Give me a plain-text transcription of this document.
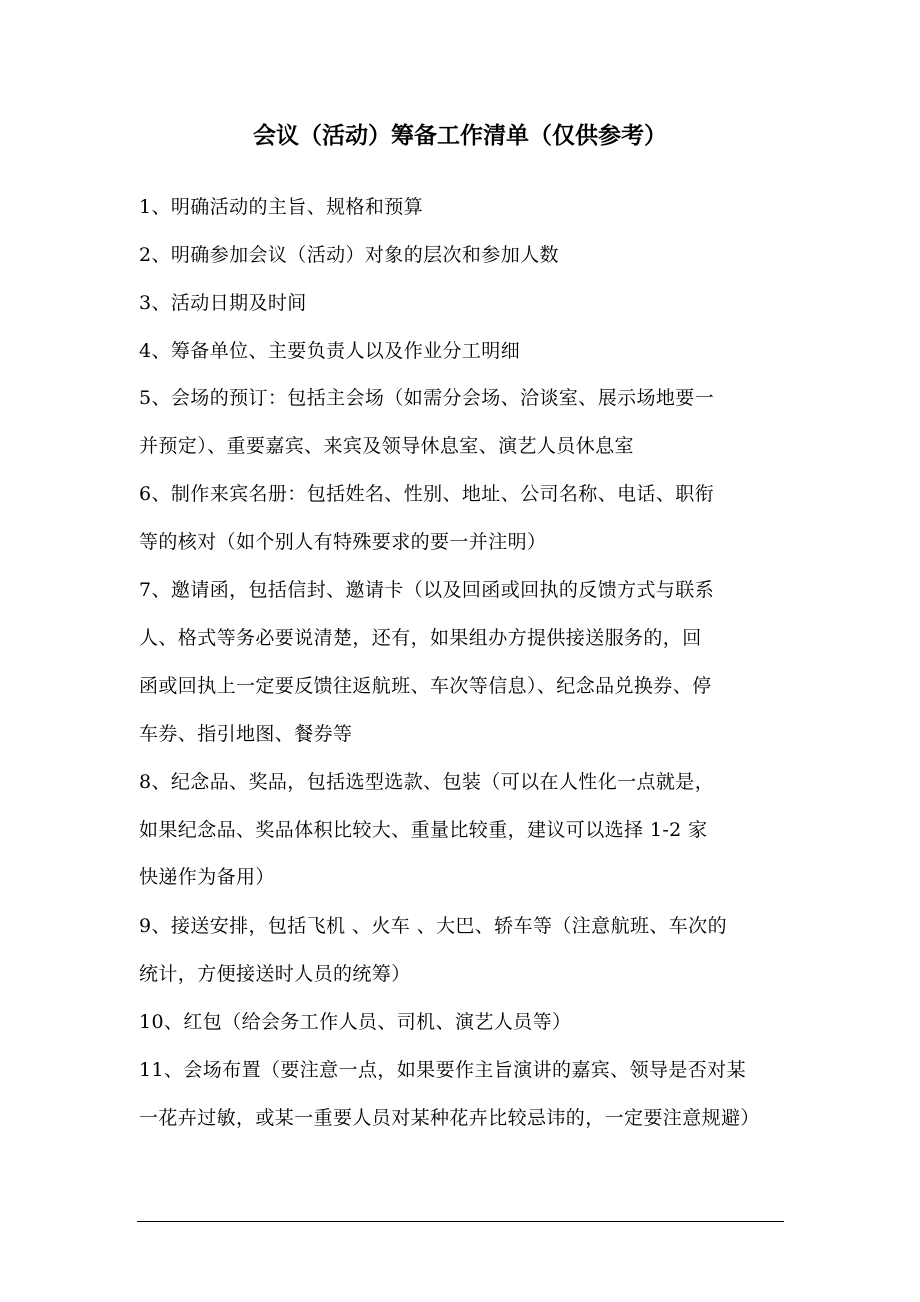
会议（活动）筹备工作清单（仅供参考）
1、明确活动的主旨、规格和预算
2、明确参加会议（活动）对象的层次和参加人数
3、活动日期及时间
4、筹备单位、主要负责人以及作业分工明细
5、会场的预订：包括主会场（如需分会场、洽谈室、展示场地要一
并预定）、重要嘉宾、来宾及领导休息室、演艺人员休息室
6、制作来宾名册：包括姓名、性别、地址、公司名称、电话、职衔
等的核对（如个别人有特殊要求的要一并注明）
7、邀请函，包括信封、邀请卡（以及回函或回执的反馈方式与联系
人、格式等务必要说清楚，还有，如果组办方提供接送服务的，回
函或回执上一定要反馈往返航班、车次等信息）、纪念品兑换券、停
车券、指引地图、餐券等
8、纪念品、奖品，包括选型选款、包装（可以在人性化一点就是，
如果纪念品、奖品体积比较大、重量比较重，建议可以选择 1-2 家
快递作为备用）
9、接送安排，包括飞机 、火车 、大巴、轿车等（注意航班、车次的
统计，方便接送时人员的统筹）
10、红包（给会务工作人员、司机、演艺人员等）
11、会场布置（要注意一点，如果要作主旨演讲的嘉宾、领导是否对某
一花卉过敏，或某一重要人员对某种花卉比较忌讳的，一定要注意规避）
